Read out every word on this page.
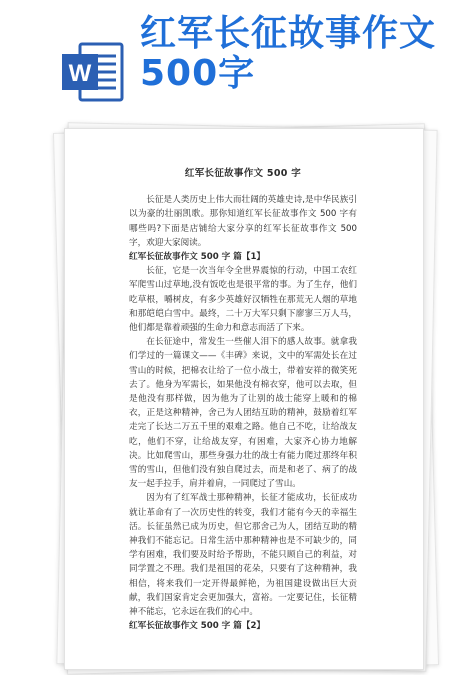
W
红军长征故事作文
500字
红军长征故事作文 500 字

长征是人类历史上伟大而壮阔的英雄史诗,是中华民族引以为豪的壮丽凯歌。那你知道红军长征故事作文 500 字有哪些吗?下面是店铺给大家分享的红军长征故事作文 500 字，欢迎大家阅读。

红军长征故事作文 500 字 篇【1】

长征，它是一次当年令全世界震惊的行动，中国工农红军爬雪山过草地,没有饭吃也是很平常的事。为了生存，他们吃草根，嚼树皮，有多少英雄好汉牺牲在那荒无人烟的草地和那皑皑白雪中。最终，二十万大军只剩下廖寥三万人马，他们都是靠着顽强的生命力和意志而活了下来。

在长征途中，常发生一些催人泪下的感人故事。就拿我们学过的一篇课文——《丰碑》来说，文中的军需处长在过雪山的时候，把棉衣让给了一位小战士，带着安祥的微笑死去了。他身为军需长，如果他没有棉衣穿，他可以去取，但是他没有那样做，因为他为了让别的战士能穿上暖和的棉衣，正是这种精神，舍己为人团结互助的精神，鼓励着红军走完了长达二万五千里的艰难之路。他自己不吃，让给战友吃，他们不穿，让给战友穿，有困难，大家齐心协力地解决。比如爬雪山，那些身强力壮的战士有能力爬过那终年积雪的雪山，但他们没有独自爬过去，而是和老了、病了的战友一起手拉手，肩并着肩，一同爬过了雪山。

因为有了红军战士那种精神，长征才能成功，长征成功就让革命有了一次历史性的转变，我们才能有今天的幸福生活。长征虽然已成为历史，但它那舍己为人，团结互助的精神我们不能忘记。日常生活中那种精神也是不可缺少的，同学有困难，我们要及时给予帮助，不能只顾自己的利益，对同学置之不理。我们是祖国的花朵，只要有了这种精神，我相信，将来我们一定开得最鲜艳，为祖国建设做出巨大贡献，我们国家肯定会更加强大，富裕。一定要记住，长征精神不能忘，它永远在我们的心中。

红军长征故事作文 500 字 篇【2】
